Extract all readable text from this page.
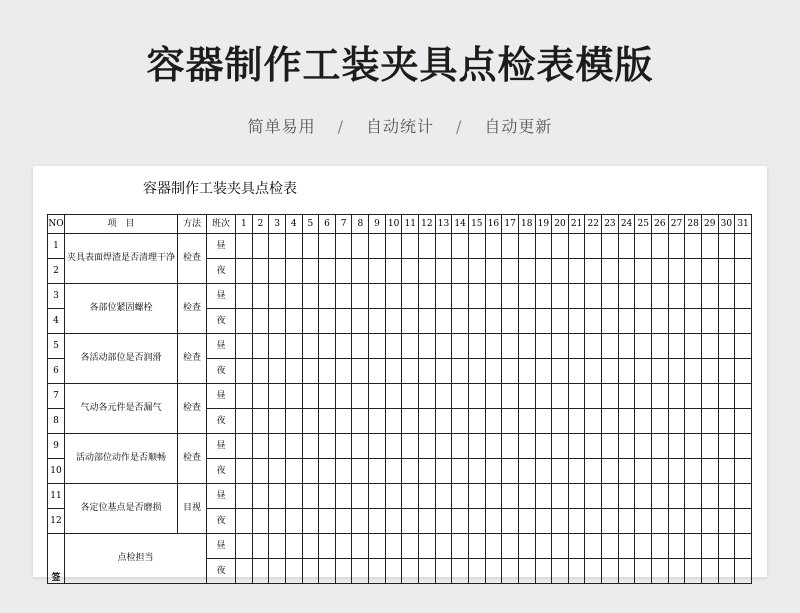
容器制作工装夹具点检表模版
简单易用 / 自动统计 / 自动更新
容器制作工装夹具点检表
NO	项　目	方法	班次	1	2	3	4	5	6	7	8	9	10	11	12	13	14	15	16	17	18	19	20	21	22	23	24	25	26	27	28	29	30	31
1	夹具表面焊渣是否清理干净	检查	昼																															
2			夜																															
3	各部位紧固螺栓	检查	昼																															
4			夜																															
5	各活动部位是否润滑	检查	昼																															
6			夜																															
7	气动各元件是否漏气	检查	昼																															
8			夜																															
9	活动部位动作是否顺畅	检查	昼																															
10			夜																															
11	各定位基点是否磨损	目视	昼																															
12			夜																															
签	点检担当		昼																															
			夜																															
